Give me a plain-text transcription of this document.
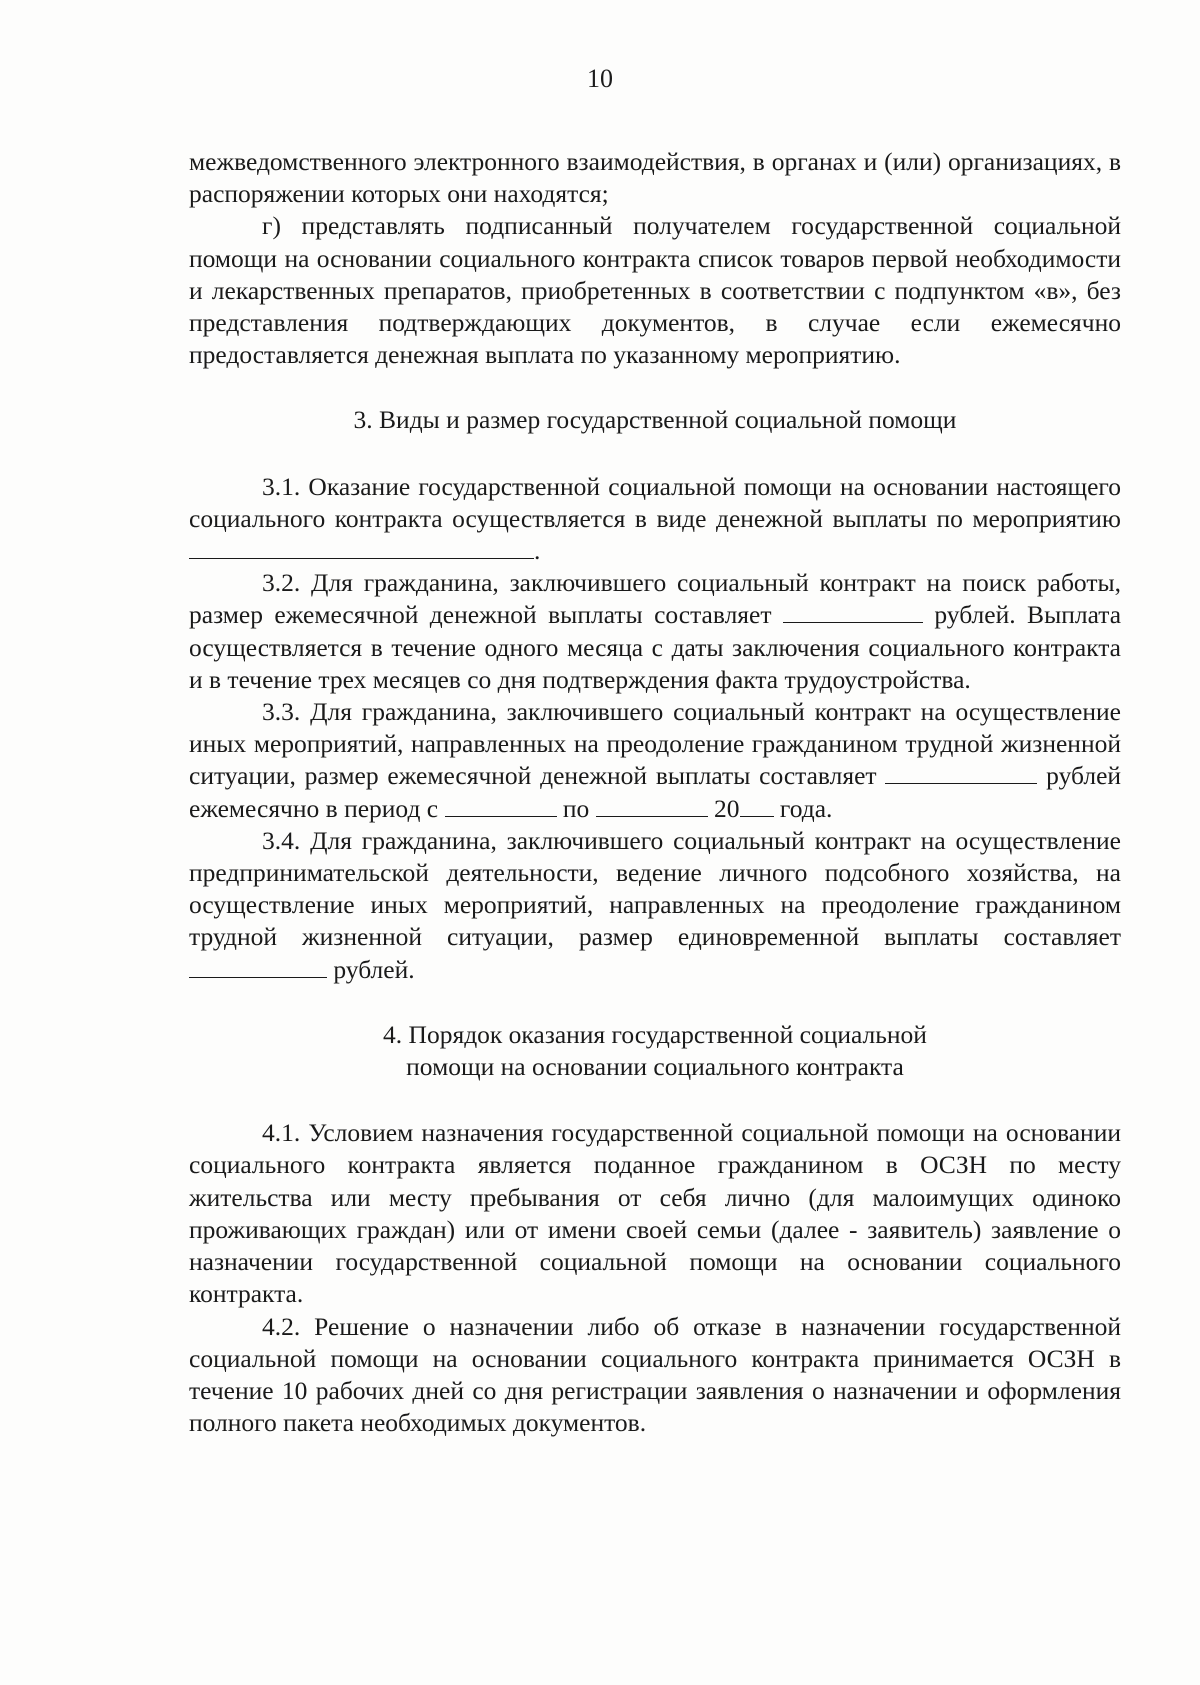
10

межведомственного электронного взаимодействия, в органах и (или) организациях, в распоряжении которых они находятся;

г) представлять подписанный получателем государственной социальной помощи на основании социального контракта список товаров первой необходимости и лекарственных препаратов, приобретенных в соответствии с подпунктом «в», без представления подтверждающих документов, в случае если ежемесячно предоставляется денежная выплата по указанному мероприятию.

3. Виды и размер государственной социальной помощи

3.1. Оказание государственной социальной помощи на основании настоящего социального контракта осуществляется в виде денежной выплаты по мероприятию .

3.2. Для гражданина, заключившего социальный контракт на поиск работы, размер ежемесячной денежной выплаты составляет	рублей. Выплата осуществляется в течение одного месяца с даты заключения социального контракта и в течение трех месяцев со дня подтверждения факта трудоустройства.

3.3. Для гражданина, заключившего социальный контракт на осуществление иных мероприятий, направленных на преодоление гражданином трудной жизненной ситуации, размер ежемесячной денежной выплаты составляет	рублей ежемесячно в период с	по	20 года.

3.4. Для гражданина, заключившего социальный контракт на осуществление предпринимательской деятельности, ведение личного подсобного хозяйства, на осуществление иных мероприятий, направленных на преодоление гражданином трудной жизненной ситуации, размер единовременной выплаты составляет  рублей.

4. Порядок оказания государственной социальной

помощи на основании социального контракта

4.1. Условием назначения государственной социальной помощи на основании социального контракта является поданное гражданином в ОСЗН по месту жительства или месту пребывания от себя лично (для малоимущих одиноко проживающих граждан) или от имени своей семьи (далее - заявитель) заявление о назначении государственной социальной помощи на основании социального контракта.

4.2. Решение о назначении либо об отказе в назначении государственной социальной помощи на основании социального контракта принимается ОСЗН в течение 10 рабочих дней со дня регистрации заявления о назначении и оформления полного пакета необходимых документов.
